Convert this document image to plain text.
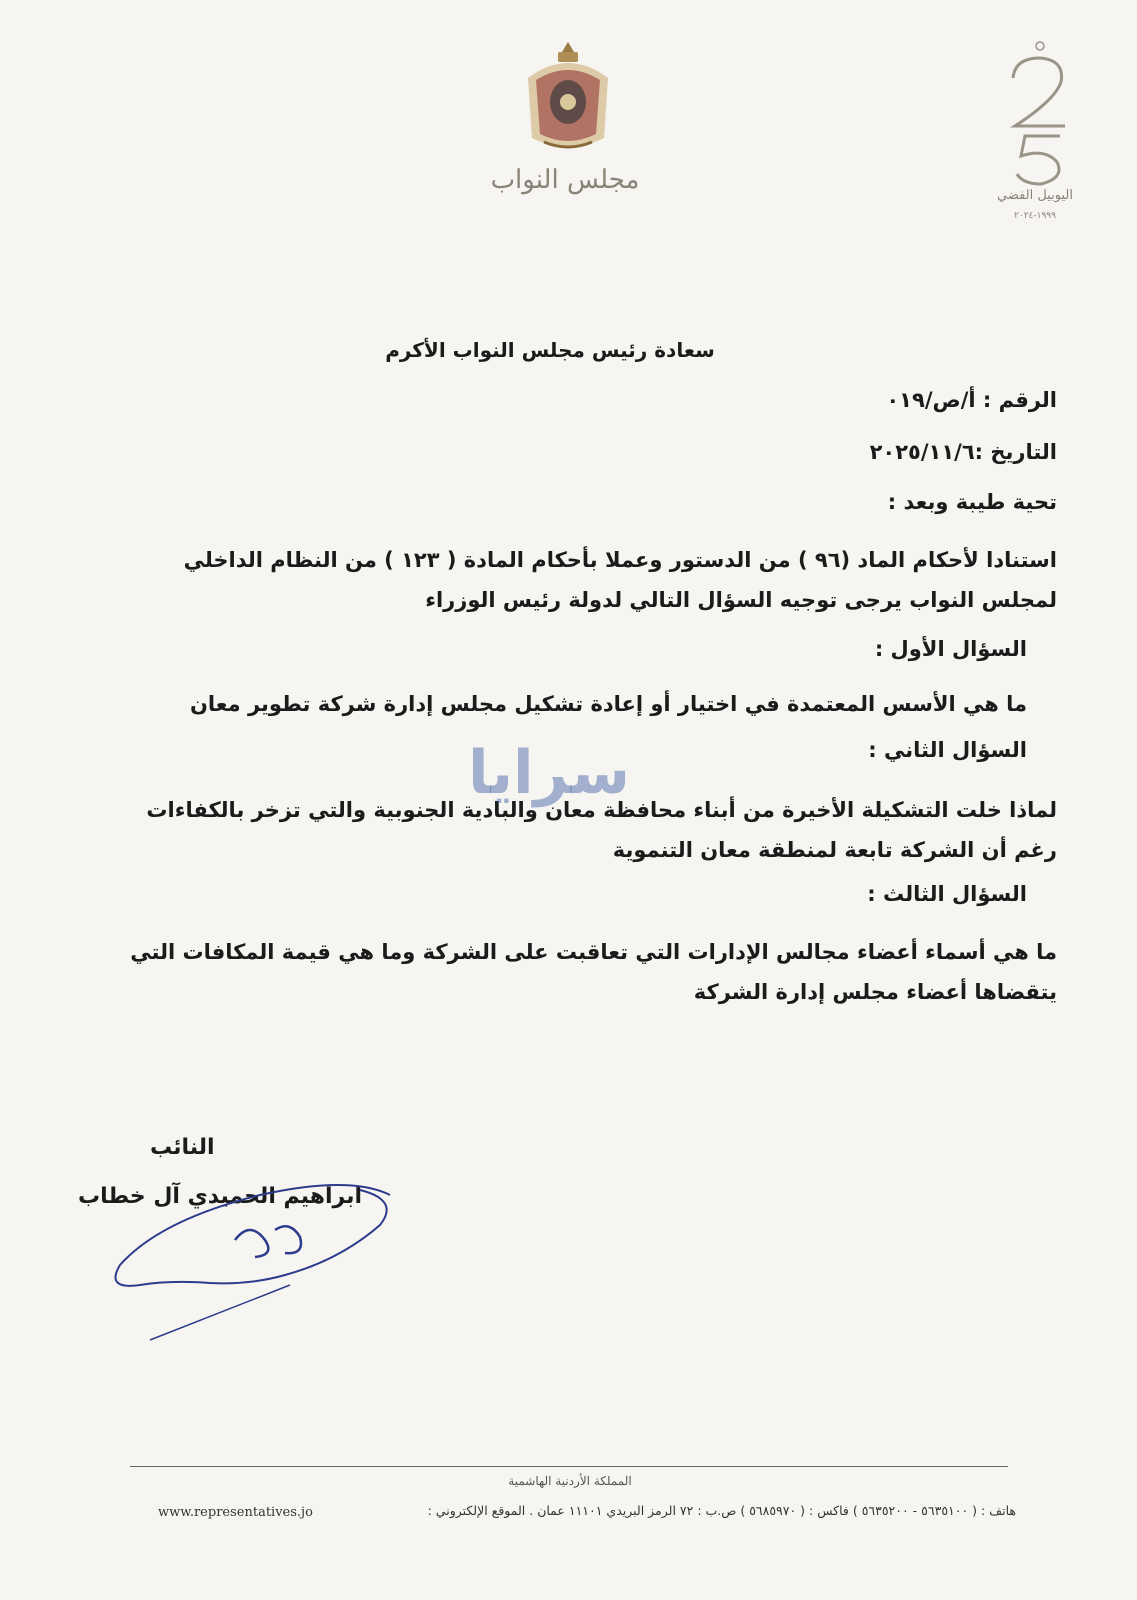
مجلس النواب
اليوبيل الفضي
١٩٩٩-٢٠٢٤
سعادة رئيس مجلس النواب الأكرم
الرقم : أ/ص/٠١٩
التاريخ :٢٠٢٥/١١/٦
تحية طيبة وبعد :
استنادا لأحكام الماد (٩٦ ) من الدستور وعملا بأحكام المادة ( ١٢٣ ) من النظام الداخلي لمجلس النواب يرجى توجيه السؤال التالي لدولة رئيس الوزراء
السؤال الأول :
ما هي الأسس المعتمدة في اختيار أو إعادة تشكيل مجلس إدارة شركة تطوير معان
السؤال الثاني :
لماذا خلت التشكيلة الأخيرة من أبناء محافظة معان والبادية الجنوبية والتي تزخر بالكفاءات رغم أن الشركة تابعة لمنطقة معان التنموية
السؤال الثالث :
ما هي أسماء أعضاء مجالس الإدارات التي تعاقبت على الشركة وما هي قيمة المكافات التي يتقضاها أعضاء مجلس إدارة الشركة
سرايا
النائب
ابراهيم الحميدي آل خطاب
المملكة الأردنية الهاشمية
هاتف : ( ٥٦٣٥١٠٠ - ٥٦٣٥٢٠٠ ) فاكس : ( ٥٦٨٥٩٧٠ ) ص.ب : ٧٢ الرمز البريدي ١١١٠١ عمان . الموقع الإلكتروني :
www.representatives.jo
